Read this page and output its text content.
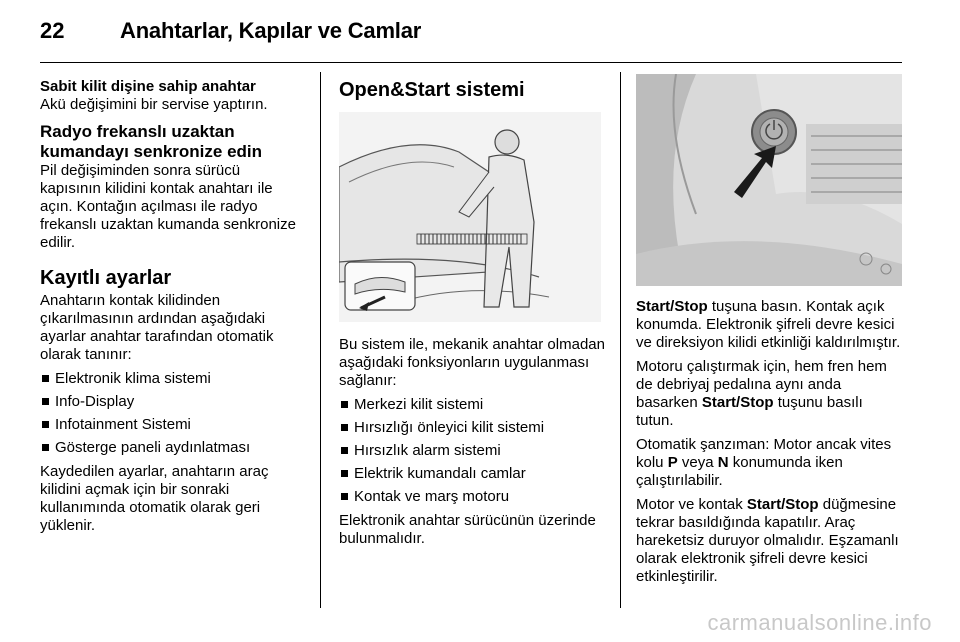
22	Anahtarlar, Kapılar ve Camlar
Sabit kilit dişine sahip anahtar

Akü değişimini bir servise yaptırın.

Radyo frekanslı uzaktan kumandayı senkronize edin

Pil değişiminden sonra sürücü kapısının kilidini kontak anahtarı ile açın. Kontağın açılması ile radyo frekanslı uzaktan kumanda senkronize edilir.

Kayıtlı ayarlar

Anahtarın kontak kilidinden çıkarılmasının ardından aşağıdaki ayarlar anahtar tarafından otomatik olarak tanınır:

Elektronik klima sistemi
Info-Display
Infotainment Sistemi
Gösterge paneli aydınlatması

Kaydedilen ayarlar, anahtarın araç kilidini açmak için bir sonraki kullanımında otomatik olarak geri yüklenir.

Open&Start sistemi

Bu sistem ile, mekanik anahtar olmadan aşağıdaki fonksiyonların uygulanması sağlanır:

Merkezi kilit sistemi
Hırsızlığı önleyici kilit sistemi
Hırsızlık alarm sistemi
Elektrik kumandalı camlar
Kontak ve marş motoru

Elektronik anahtar sürücünün üzerinde bulunmalıdır.

Start/Stop tuşuna basın. Kontak açık konumda. Elektronik şifreli devre kesici ve direksiyon kilidi etkinliği kaldırılmıştır.

Motoru çalıştırmak için, hem fren hem de debriyaj pedalına aynı anda basarken Start/Stop tuşunu basılı tutun.

Otomatik şanzıman: Motor ancak vites kolu P veya N konumunda iken çalıştırılabilir.

Motor ve kontak Start/Stop düğmesine tekrar basıldığında kapatılır. Araç hareketsiz duruyor olmalıdır. Eşzamanlı olarak elektronik şifreli devre kesici etkinleştirilir.

carmanualsonline.info
